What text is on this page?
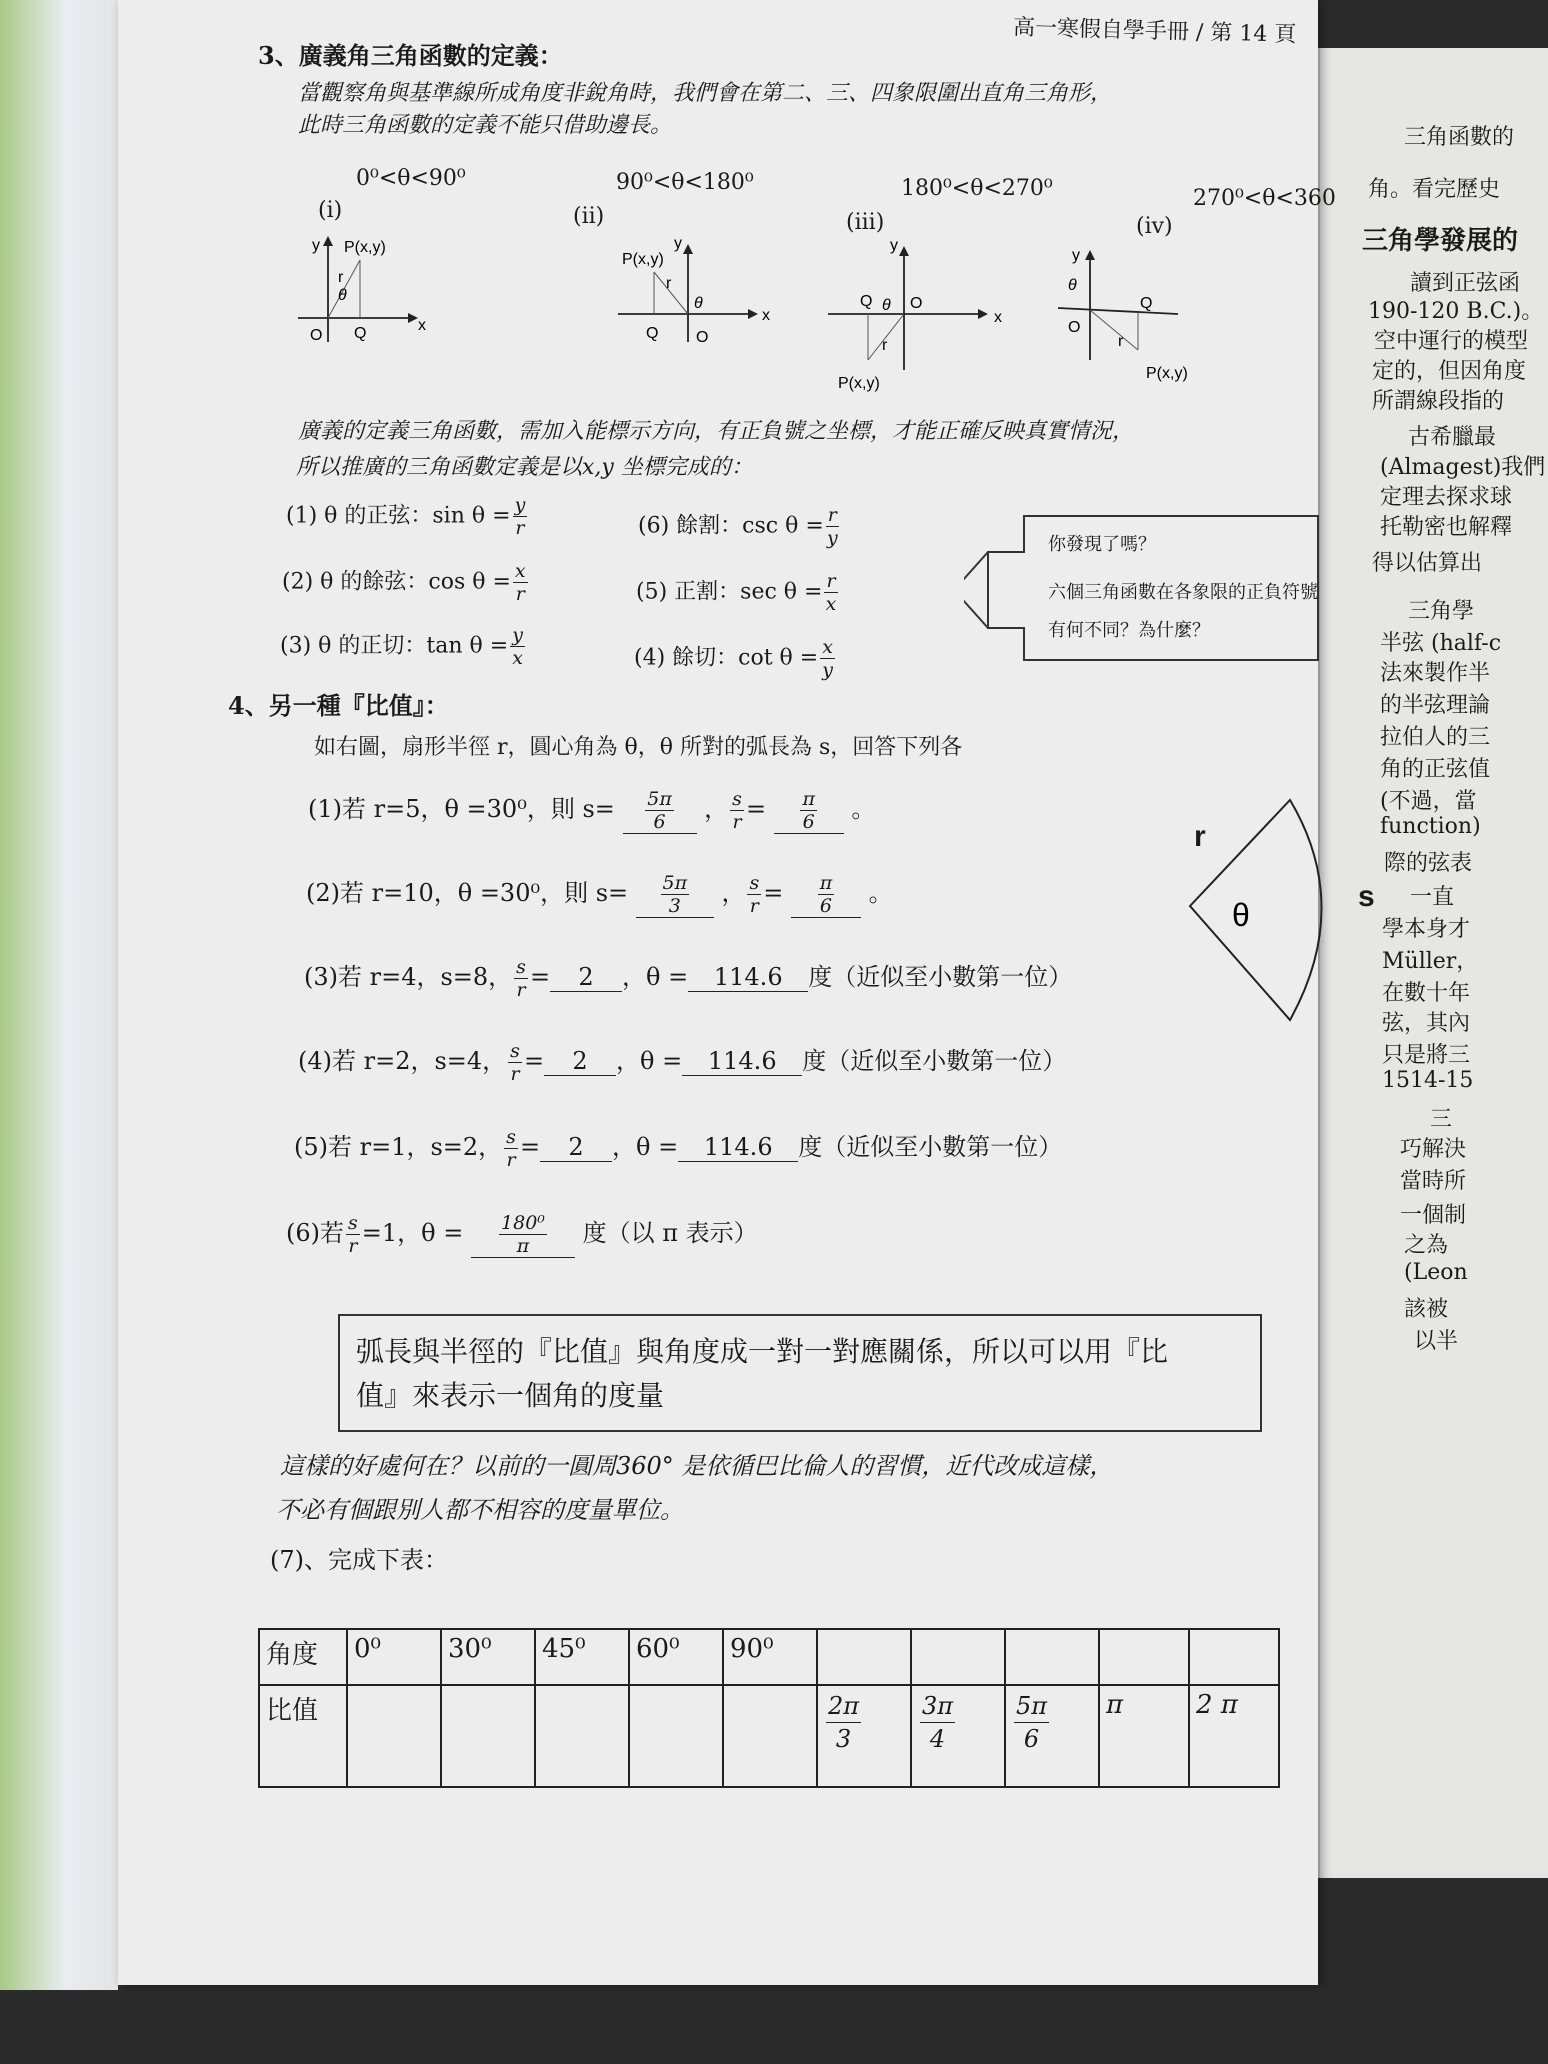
三角函數的
角。看完歷史
三角學發展的
讀到正弦函
190-120 B.C.)。
空中運行的模型
定的，但因角度
所謂線段指的
古希臘最
(Almagest)我們
定理去探求球
托勒密也解釋
得以估算出
三角學
半弦 (half-c
法來製作半
的半弦理論
拉伯人的三
角的正弦值
(不過，當
function)
際的弦表
一直
學本身才
Müller，
在數十年
弦，其內
只是將三
1514-15
三
巧解決
當時所
一個制
之為
(Leon
該被
以半
高一寒假自學手冊 / 第 14 頁
3、廣義角三角函數的定義：
當觀察角與基準線所成角度非銳角時，我們會在第二、三、四象限圍出直角三角形，
此時三角函數的定義不能只借助邊長。
0⁰<θ<90⁰
(i)
90⁰<θ<180⁰
(ii)
180⁰<θ<270⁰
(iii)
270⁰<θ<360
(iv)
y P(x,y)
r
θ
O Q	x
y
P(x,y)
r
θ
Q O
x
y
Q θ O
r
P(x,y)
x
y
θ
O
Q
r
P(x,y)
廣義的定義三角函數，需加入能標示方向，有正負號之坐標，才能正確反映真實情況，
所以推廣的三角函數定義是以x,y 坐標完成的：
(1) θ 的正弦：$\sin \theta = \frac{y}{r}$
(2) θ 的餘弦：$\cos \theta = \frac{x}{r}$
(3) θ 的正切：$\tan \theta = \frac{y}{x}$
(6) 餘割：$\csc \theta = \frac{r}{y}$
(5) 正割：$\sec \theta = \frac{r}{x}$
(4) 餘切：$\cot \theta = \frac{x}{y}$
你發現了嗎？
六個三角函數在各象限的正負符號
有何不同？為什麼？
4、另一種『比值』：
如右圖，扇形半徑 r，圓心角為 θ，θ 所對的弧長為 s，回答下列各
θ
r
s
(1)若 r=5，θ =30⁰，則 $s= \frac{5\pi}{6}$ ， $\frac{s}{r} = \frac{\pi}{6}$ 。
(2)若 r=10，θ =30⁰，則 $s= \frac{5\pi}{3}$ ， $\frac{s}{r} = \frac{\pi}{6}$ 。
(3)若 r=4，s=8， $\frac{s}{r} = 2$ ，θ = 114.6 度（近似至小數第一位）
(4)若 r=2，s=4， $\frac{s}{r} = 2$ ，θ = 114.6 度（近似至小數第一位）
(5)若 r=1，s=2， $\frac{s}{r} = 2$ ，θ = 114.6 度（近似至小數第一位）
(6)若 $\frac{s}{r} =1$，$\theta = \frac{\text{180⁰}}{\pi}$ 度（以 π 表示）
弧長與半徑的『比值』與角度成一對一對應關係，所以可以用『比
值』來表示一個角的度量
這樣的好處何在？以前的一圓周360° 是依循巴比倫人的習慣，近代改成這樣，
不必有個跟別人都不相容的度量單位。
(7)、完成下表：
角度	0⁰	30⁰	45⁰	60⁰	90⁰					
比值						$\frac{2\pi}{3}$	$\frac{3\pi}{4}$	$\frac{5\pi}{6}$	π	2 π
